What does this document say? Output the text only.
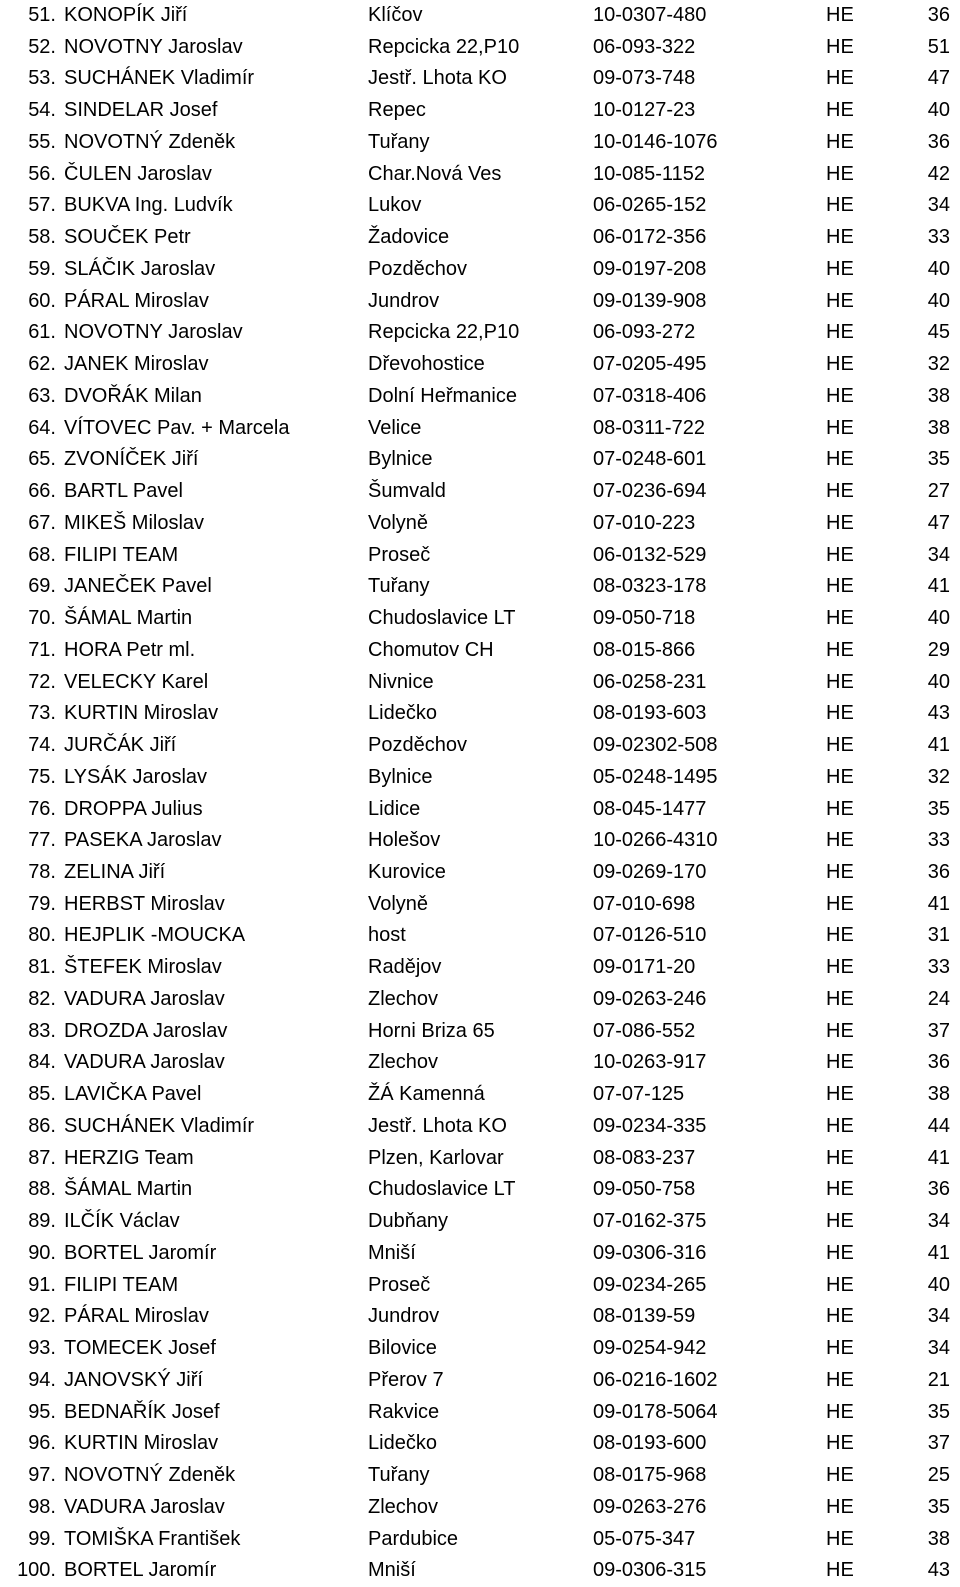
51. KONOPÍK Jiří	Klíčov	10-0307-480	HE	36
52. NOVOTNY Jaroslav	Repcicka 22,P10	06-093-322	HE	51
53. SUCHÁNEK Vladimír	Jestř. Lhota KO	09-073-748	HE	47
54. SINDELAR Josef	Repec	10-0127-23	HE	40
55. NOVOTNÝ Zdeněk	Tuřany	10-0146-1076	HE	36
56. ČULEN Jaroslav	Char.Nová Ves	10-085-1152	HE	42
57. BUKVA Ing. Ludvík	Lukov	06-0265-152	HE	34
58. SOUČEK Petr	Žadovice	06-0172-356	HE	33
59. SLÁČIK Jaroslav	Pozděchov	09-0197-208	HE	40
60. PÁRAL Miroslav	Jundrov	09-0139-908	HE	40
61. NOVOTNY Jaroslav	Repcicka 22,P10	06-093-272	HE	45
62. JANEK Miroslav	Dřevohostice	07-0205-495	HE	32
63. DVOŘÁK Milan	Dolní Heřmanice	07-0318-406	HE	38
64. VÍTOVEC Pav. + Marcela	Velice	08-0311-722	HE	38
65. ZVONÍČEK Jiří	Bylnice	07-0248-601	HE	35
66. BARTL Pavel	Šumvald	07-0236-694	HE	27
67. MIKEŠ Miloslav	Volyně	07-010-223	HE	47
68. FILIPI TEAM	Proseč	06-0132-529	HE	34
69. JANEČEK Pavel	Tuřany	08-0323-178	HE	41
70. ŠÁMAL Martin	Chudoslavice LT	09-050-718	HE	40
71. HORA Petr ml.	Chomutov CH	08-015-866	HE	29
72. VELECKY Karel	Nivnice	06-0258-231	HE	40
73. KURTIN Miroslav	Lidečko	08-0193-603	HE	43
74. JURČÁK Jiří	Pozděchov	09-02302-508	HE	41
75. LYSÁK Jaroslav	Bylnice	05-0248-1495	HE	32
76. DROPPA Julius	Lidice	08-045-1477	HE	35
77. PASEKA Jaroslav	Holešov	10-0266-4310	HE	33
78. ZELINA Jiří	Kurovice	09-0269-170	HE	36
79. HERBST Miroslav	Volyně	07-010-698	HE	41
80. HEJPLIK -MOUCKA	host	07-0126-510	HE	31
81. ŠTEFEK Miroslav	Radějov	09-0171-20	HE	33
82. VADURA Jaroslav	Zlechov	09-0263-246	HE	24
83. DROZDA Jaroslav	Horni Briza 65	07-086-552	HE	37
84. VADURA Jaroslav	Zlechov	10-0263-917	HE	36
85. LAVIČKA Pavel	ŽÁ Kamenná	07-07-125	HE	38
86. SUCHÁNEK Vladimír	Jestř. Lhota KO	09-0234-335	HE	44
87. HERZIG Team	Plzen, Karlovar	08-083-237	HE	41
88. ŠÁMAL Martin	Chudoslavice LT	09-050-758	HE	36
89. ILČÍK Václav	Dubňany	07-0162-375	HE	34
90. BORTEL Jaromír	Mniší	09-0306-316	HE	41
91. FILIPI TEAM	Proseč	09-0234-265	HE	40
92. PÁRAL Miroslav	Jundrov	08-0139-59	HE	34
93. TOMECEK Josef	Bilovice	09-0254-942	HE	34
94. JANOVSKÝ Jiří	Přerov 7	06-0216-1602	HE	21
95. BEDNAŘÍK Josef	Rakvice	09-0178-5064	HE	35
96. KURTIN Miroslav	Lidečko	08-0193-600	HE	37
97. NOVOTNÝ Zdeněk	Tuřany	08-0175-968	HE	25
98. VADURA Jaroslav	Zlechov	09-0263-276	HE	35
99. TOMIŠKA František	Pardubice	05-075-347	HE	38
100. BORTEL Jaromír	Mniší	09-0306-315	HE	43
